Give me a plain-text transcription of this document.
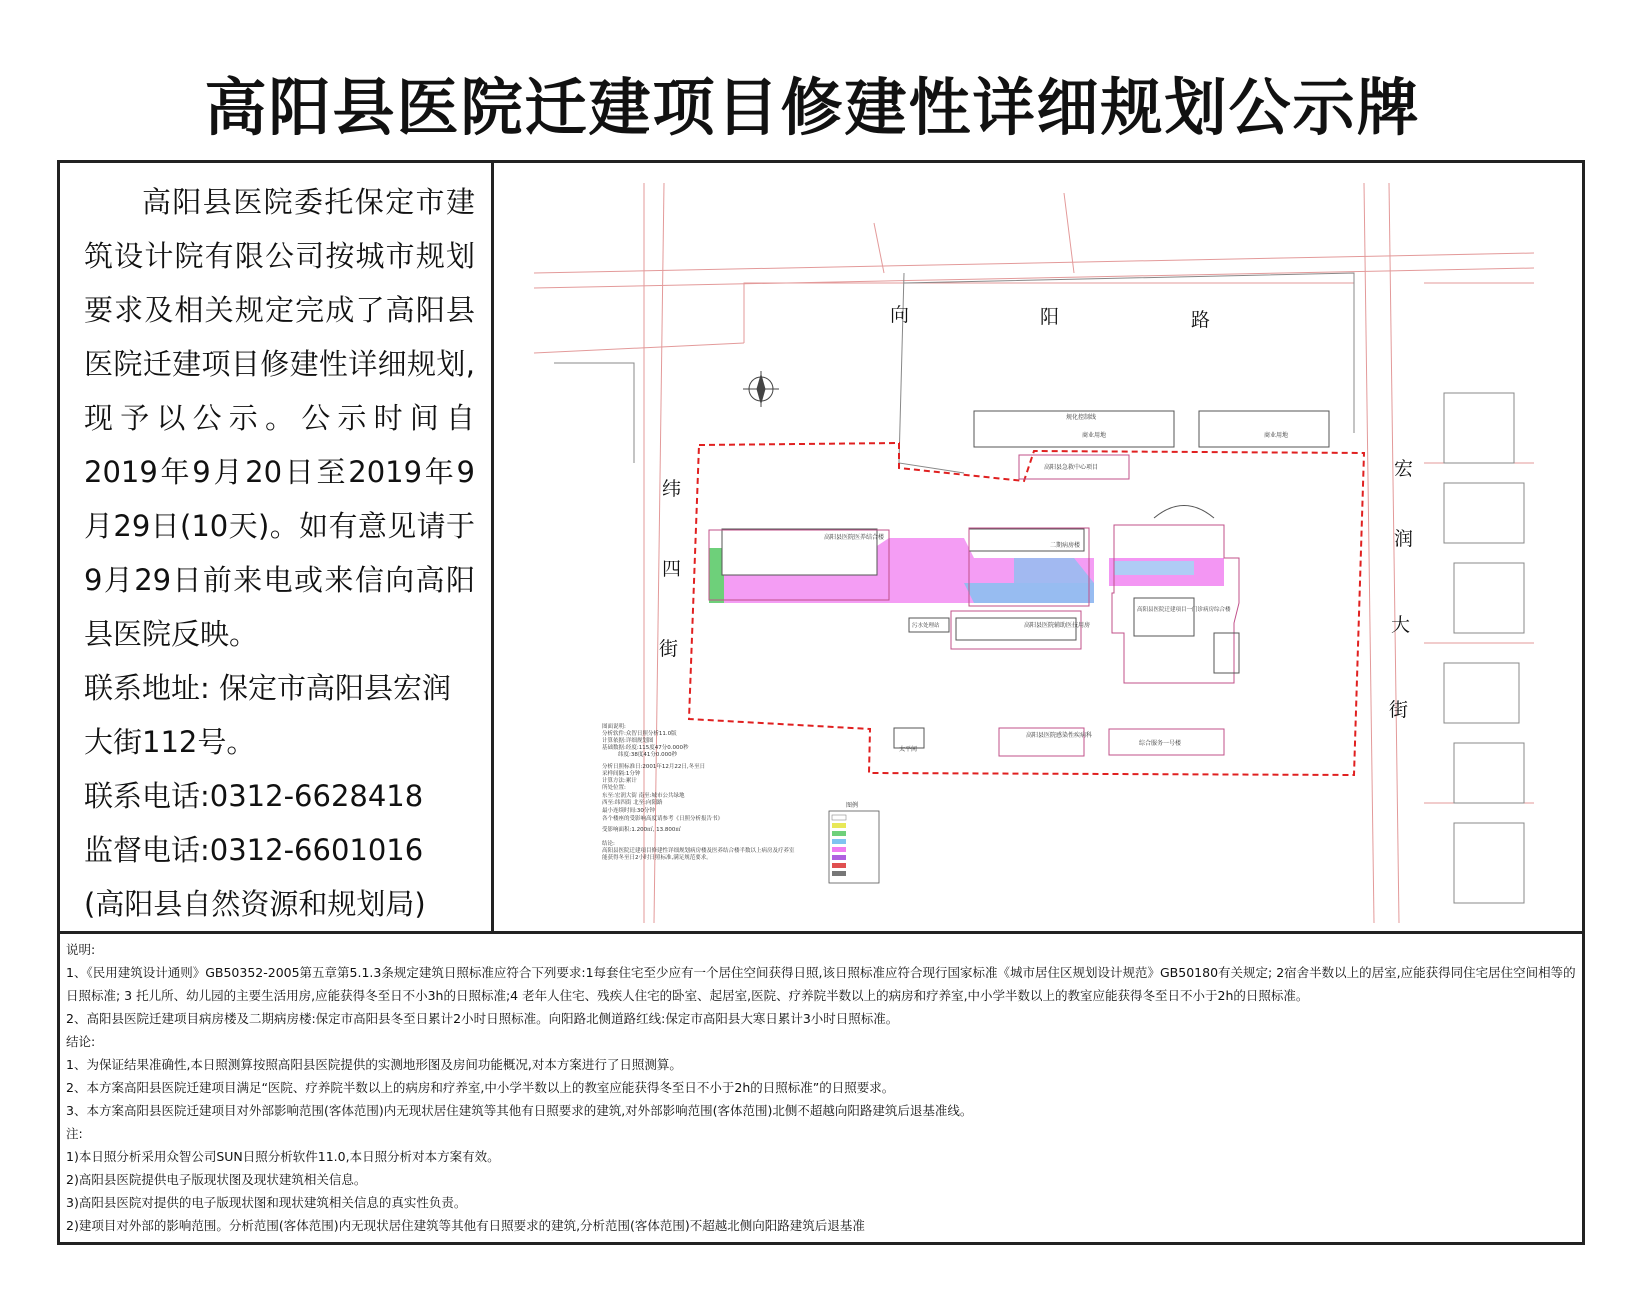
高阳县医院迁建项目修建性详细规划公示牌

高阳县医院委托保定市建筑设计院有限公司按城市规划要求及相关规定完成了高阳县医院迁建项目修建性详细规划,现予以公示。公示时间自2019年9月20日至2019年9月29日(10天)。如有意见请于9月29日前来电或来信向高阳县医院反映。

联系地址: 保定市高阳县宏润大街112号。

联系电话:0312-6628418

监督电话:0312-6601016

(高阳县自然资源和规划局)

向	阳	路
纬
四
街
宏
润
大
街
规化控制线
商业用地	商业用地
高阳县急救中心项目
高阳县医院医养结合楼
二期病房楼
高阳县医院迁建项目一门诊病房综合楼
高阳县医院辅助医技用房
污水处理站
高阳县医院感染性疾病科
综合服务一号楼
太平间
图面说明:
分析软件:众智日照分析11.0版
计算依据:详细规划图
基础数据:经度:115度47分0.000秒
纬度:38度41分0.000秒
分析日照标准日:2001年12月22日,冬至日
采样间隔:1分钟
计算方法:累计
所处位置:
东至:宏润大街 南至:城市公共绿地
西至:纬四街 北至:向阳路
最小连续时间:30分钟
各个楼座的受影响高度请参考《日照分析报告书》
受影响面积:1.200㎡, 13.800㎡
结论:
高阳县医院迁建项目修建性详细规划病房楼及医养结合楼半数以上病房及疗养室
能获得冬至日2小时日照标准,满足规范要求。
图例

说明:

1、《民用建筑设计通则》GB50352-2005第五章第5.1.3条规定建筑日照标准应符合下列要求:1每套住宅至少应有一个居住空间获得日照,该日照标准应符合现行国家标准《城市居住区规划设计规范》GB50180有关规定; 2宿舍半数以上的居室,应能获得同住宅居住空间相等的日照标准; 3 托儿所、幼儿园的主要生活用房,应能获得冬至日不小3h的日照标准;4 老年人住宅、残疾人住宅的卧室、起居室,医院、疗养院半数以上的病房和疗养室,中小学半数以上的教室应能获得冬至日不小于2h的日照标准。

2、高阳县医院迁建项目病房楼及二期病房楼:保定市高阳县冬至日累计2小时日照标准。向阳路北侧道路红线:保定市高阳县大寒日累计3小时日照标准。

结论:

1、为保证结果准确性,本日照测算按照高阳县医院提供的实测地形图及房间功能概况,对本方案进行了日照测算。

2、本方案高阳县医院迁建项目满足“医院、疗养院半数以上的病房和疗养室,中小学半数以上的教室应能获得冬至日不小于2h的日照标准”的日照要求。

3、本方案高阳县医院迁建项目对外部影响范围(客体范围)内无现状居住建筑等其他有日照要求的建筑,对外部影响范围(客体范围)北侧不超越向阳路建筑后退基准线。

注:

1)本日照分析采用众智公司SUN日照分析软件11.0,本日照分析对本方案有效。

2)高阳县医院提供电子版现状图及现状建筑相关信息。

3)高阳县医院对提供的电子版现状图和现状建筑相关信息的真实性负责。

2)建项目对外部的影响范围。分析范围(客体范围)内无现状居住建筑等其他有日照要求的建筑,分析范围(客体范围)不超越北侧向阳路建筑后退基准
